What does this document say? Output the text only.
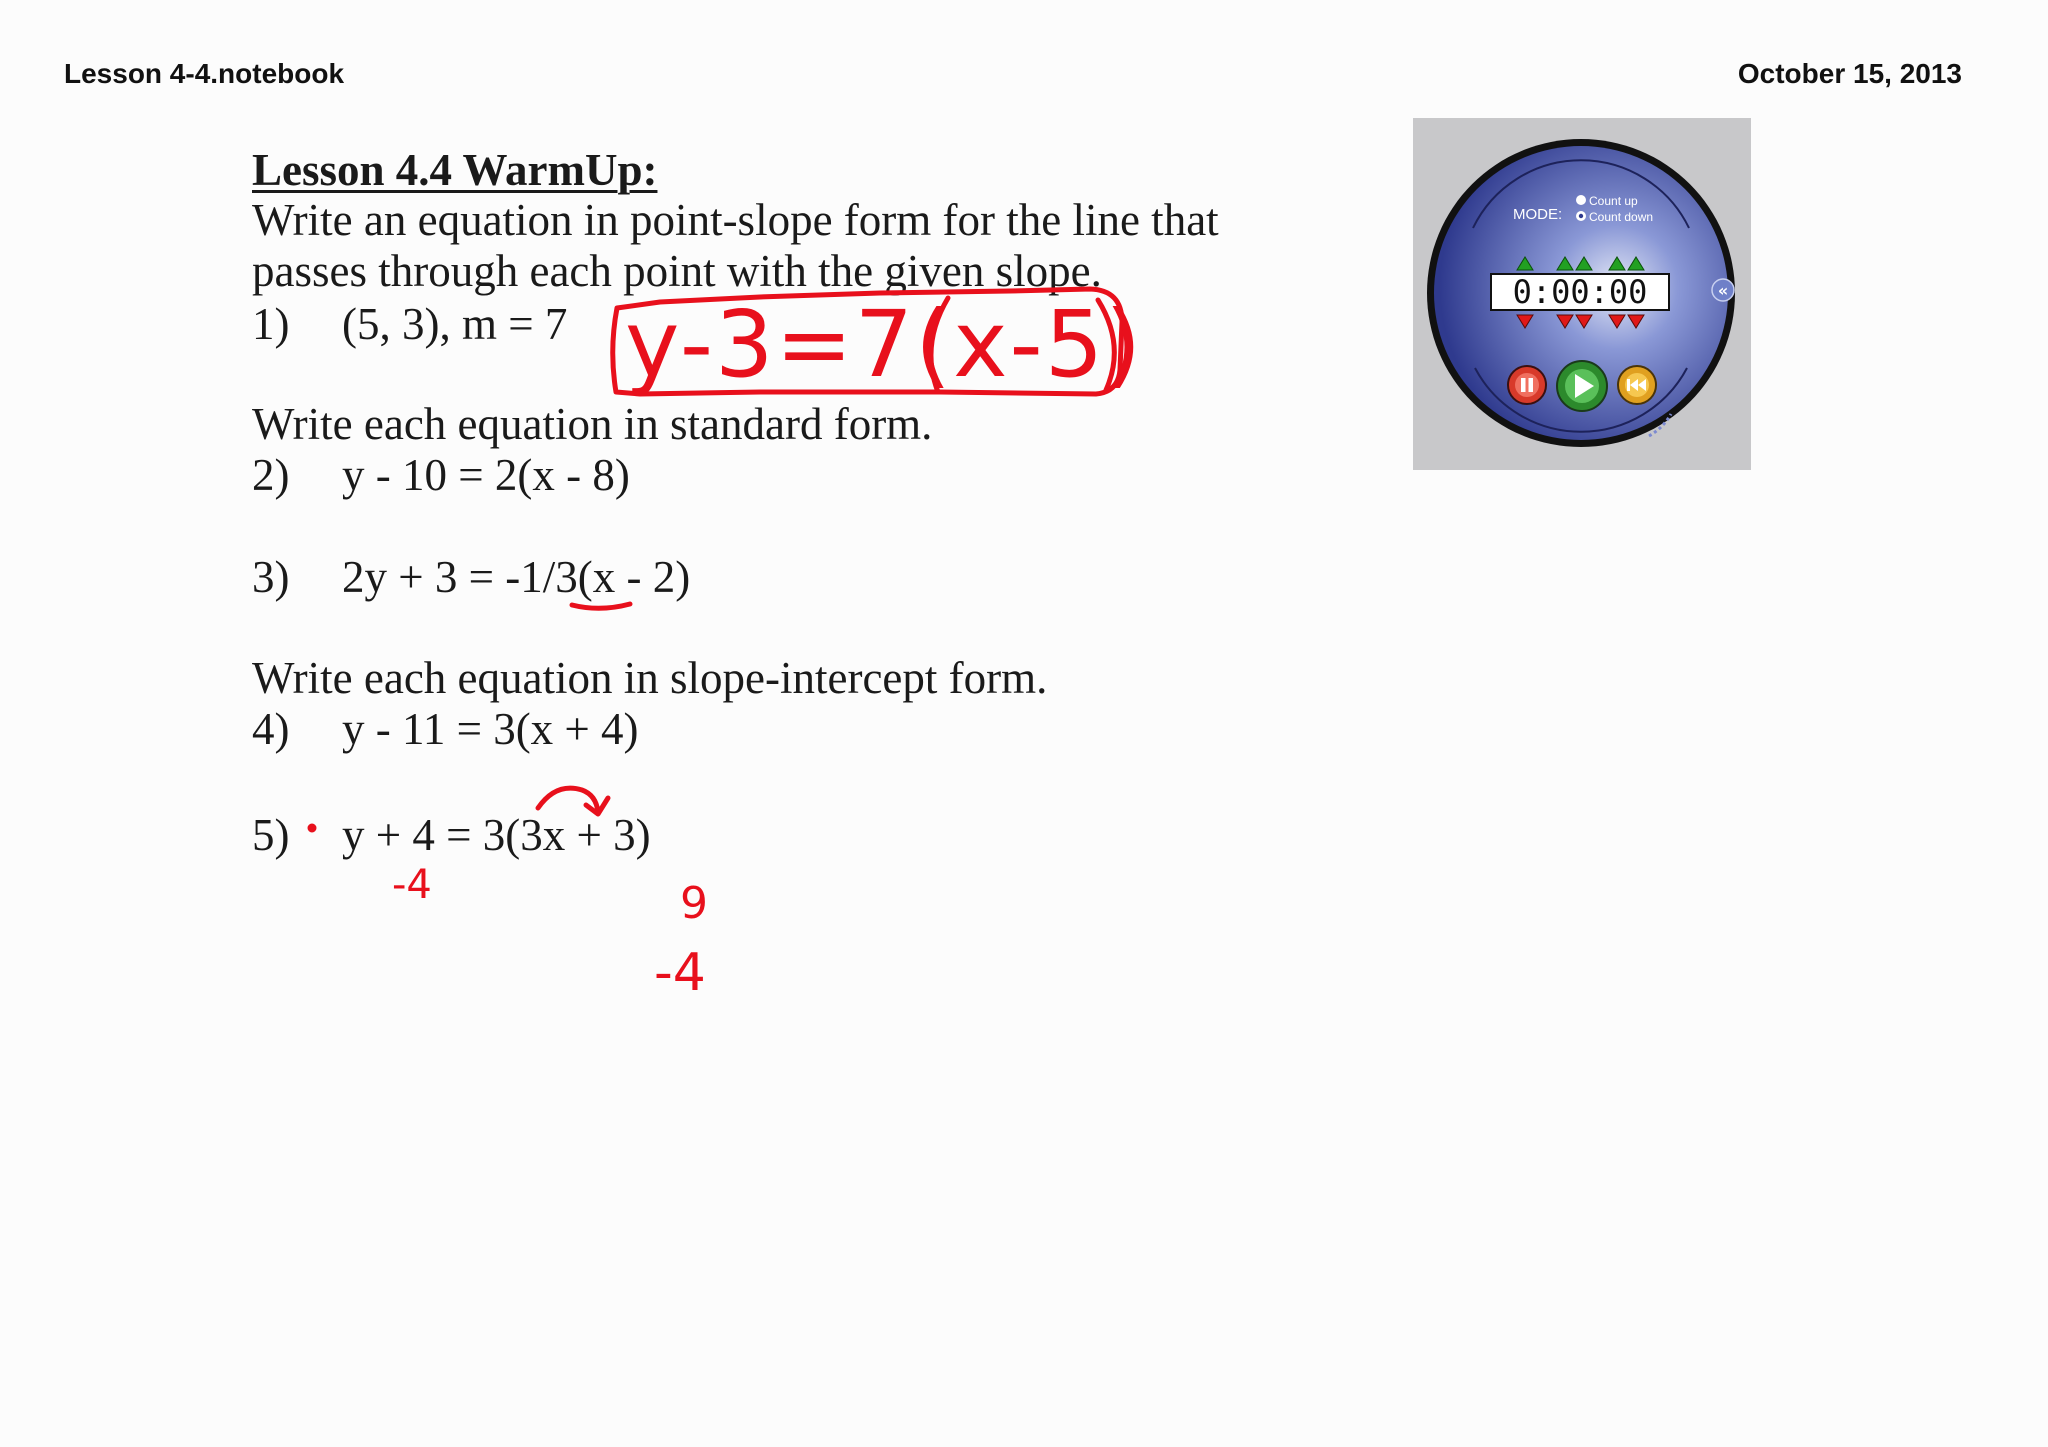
Lesson 4-4.notebook	October 15, 2013
Lesson 4.4 WarmUp:
Write an equation in point-slope form for the line that
passes through each point with the given slope.
1) (5, 3), m = 7
Write each equation in standard form.
2) y - 10 = 2(x - 8)
3) 2y + 3 = -1/3(x - 2)
Write each equation in slope-intercept form.
4) y - 11 = 3(x + 4)
5) y + 4 = 3(3x + 3)
MODE:
Count up
Count down
0:00:00	«
y-3=7(x-5)
-4	9
-4
